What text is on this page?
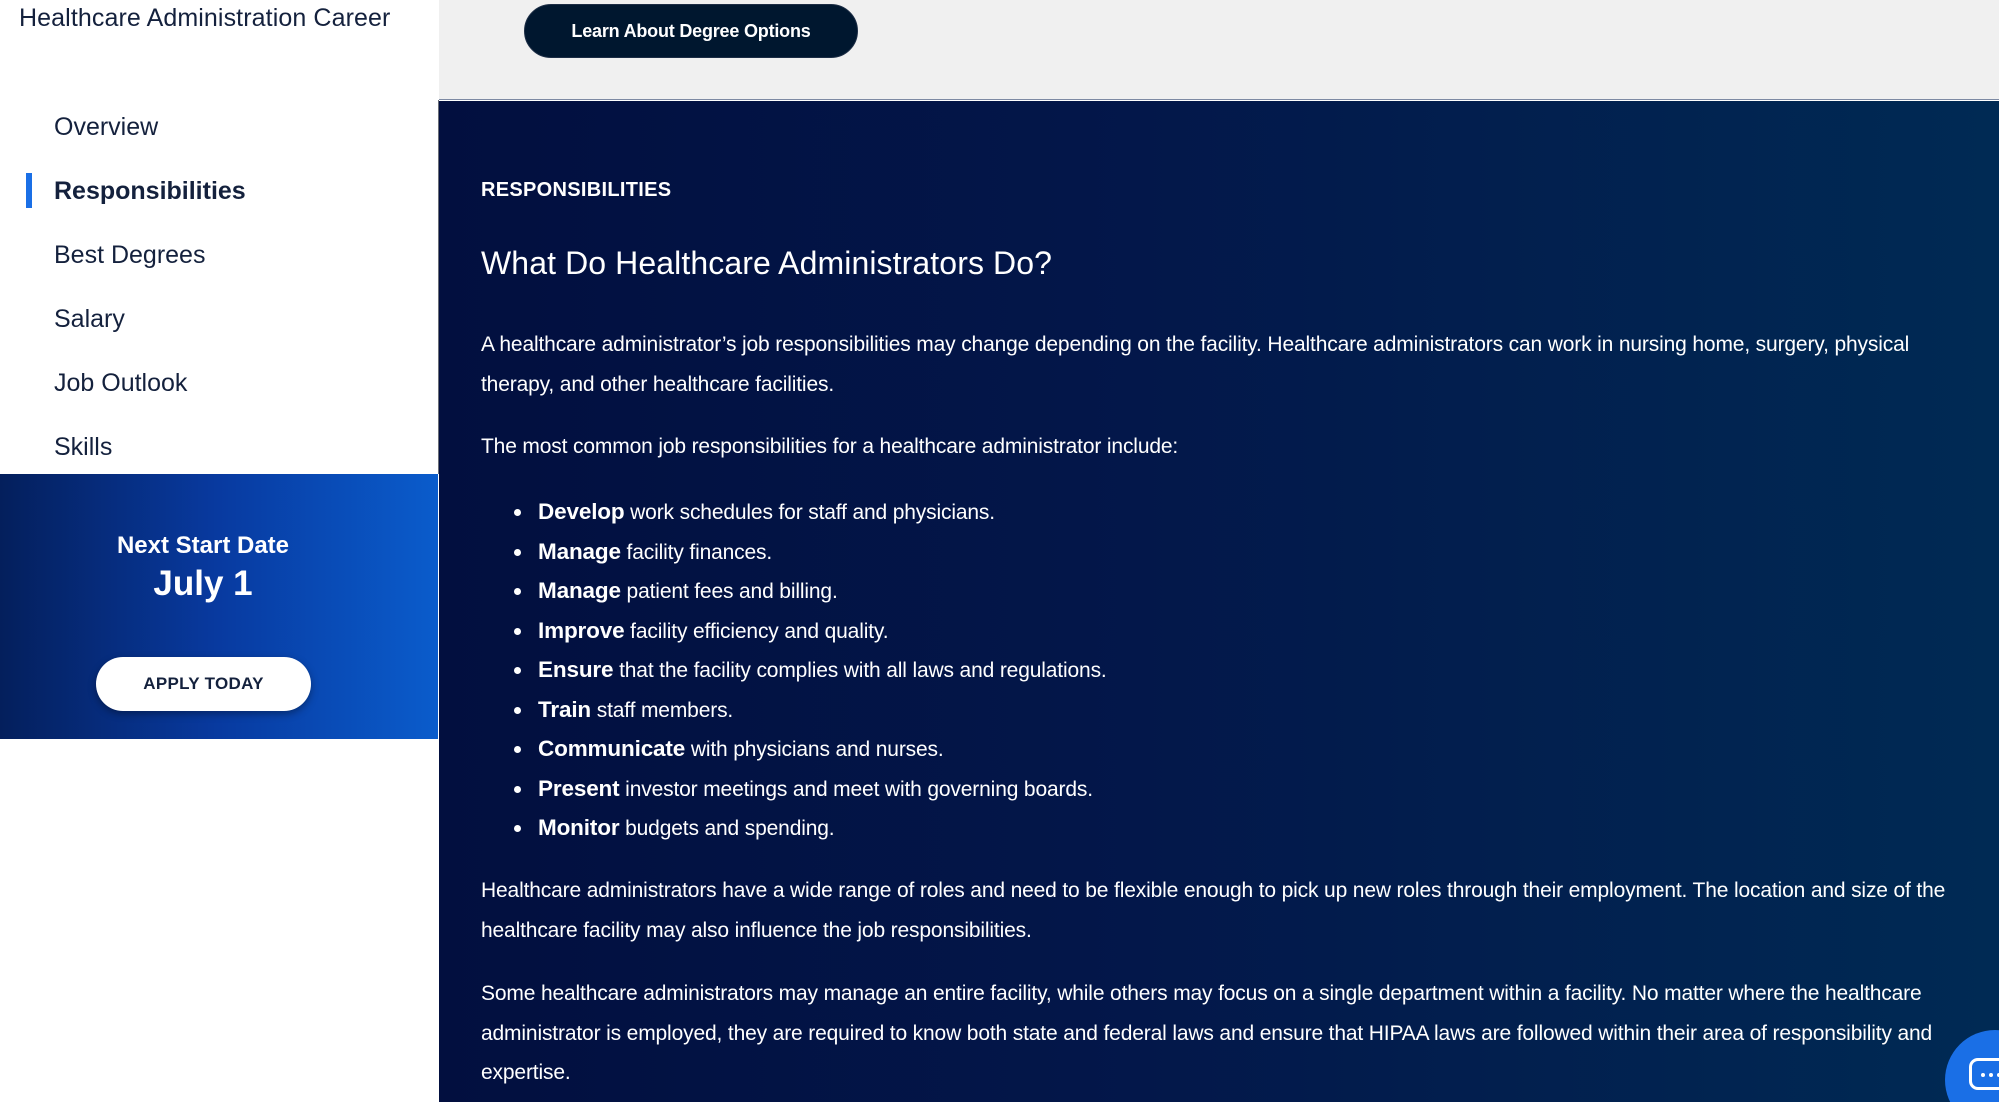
Healthcare Administration Career
Overview
Responsibilities
Best Degrees
Salary
Job Outlook
Skills
Next Start Date
July 1
APPLY TODAY
Learn About Degree Options
RESPONSIBILITIES
What Do Healthcare Administrators Do?

A healthcare administrator’s job responsibilities may change depending on the facility. Healthcare administrators can work in nursing home, surgery, physical therapy, and other healthcare facilities.

The most common job responsibilities for a healthcare administrator include:

Develop work schedules for staff and physicians.
Manage facility finances.
Manage patient fees and billing.
Improve facility efficiency and quality.
Ensure that the facility complies with all laws and regulations.
Train staff members.
Communicate with physicians and nurses.
Present investor meetings and meet with governing boards.
Monitor budgets and spending.

Healthcare administrators have a wide range of roles and need to be flexible enough to pick up new roles through their employment. The location and size of the healthcare facility may also influence the job responsibilities.

Some healthcare administrators may manage an entire facility, while others may focus on a single department within a facility. No matter where the healthcare administrator is employed, they are required to know both state and federal laws and ensure that HIPAA laws are followed within their area of responsibility and expertise.
